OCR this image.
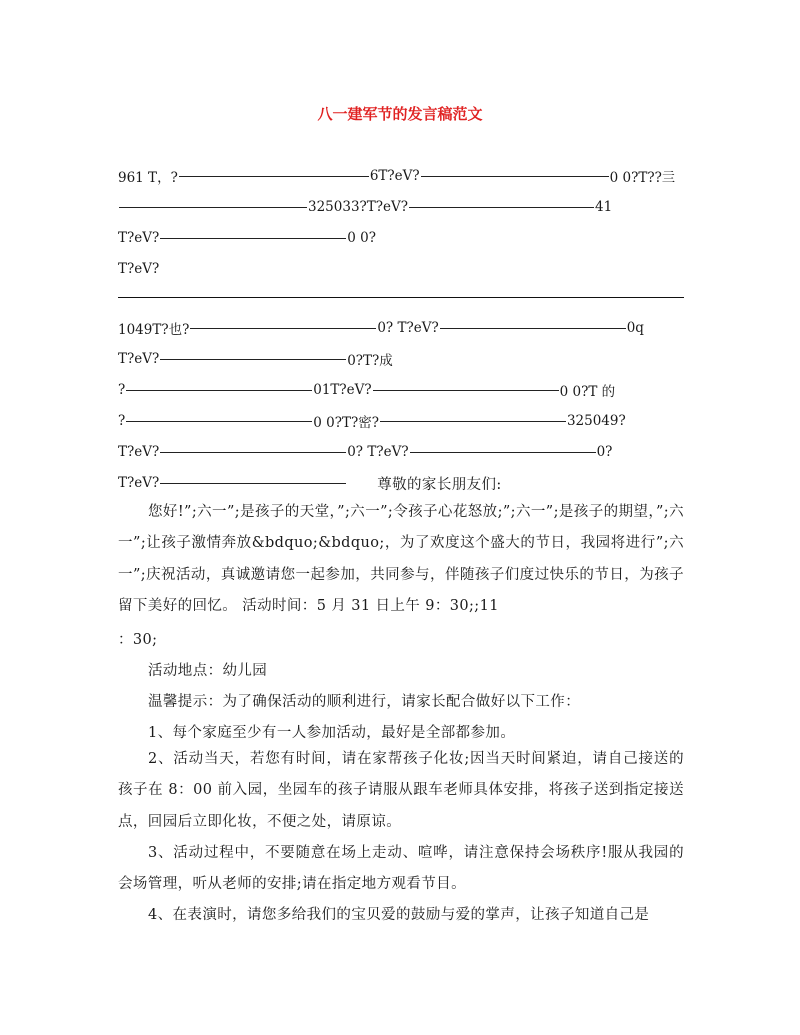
八一建军节的发言稿范文
961 T，?	6T?eV?	0 0?T??亖
325033?T?eV?	41
T?eV?	0 0?
T?eV?
1049T?也?	0? T?eV?	0q
T?eV?	0?T?成
?	01T?eV?	0 0?T 的
?	0 0?T?密?	325049?
T?eV?	0? T?eV?	0?
T?eV?	尊敬的家长朋友们:
您好!”;六一”;是孩子的天堂，”;六一”;令孩子心花怒放;”;六一”;是孩子的期望，”;六一”;让孩子激情奔放&bdquo;&bdquo;，为了欢度这个盛大的节日，我园将进行”;六一”;庆祝活动，真诚邀请您一起参加，共同参与，伴随孩子们度过快乐的节日，为孩子留下美好的回忆。 活动时间：5 月 31 日上午 9：30;;11
：30;
活动地点：幼儿园
温馨提示：为了确保活动的顺利进行，请家长配合做好以下工作：
1、每个家庭至少有一人参加活动，最好是全部都参加。
2、活动当天，若您有时间，请在家帮孩子化妆;因当天时间紧迫，请自己接送的孩子在 8：00 前入园，坐园车的孩子请服从跟车老师具体安排，将孩子送到指定接送点，回园后立即化妆，不便之处，请原谅。
3、活动过程中，不要随意在场上走动、喧哗，请注意保持会场秩序!服从我园的会场管理，听从老师的安排;请在指定地方观看节目。
4、在表演时，请您多给我们的宝贝爱的鼓励与爱的掌声，让孩子知道自己是
